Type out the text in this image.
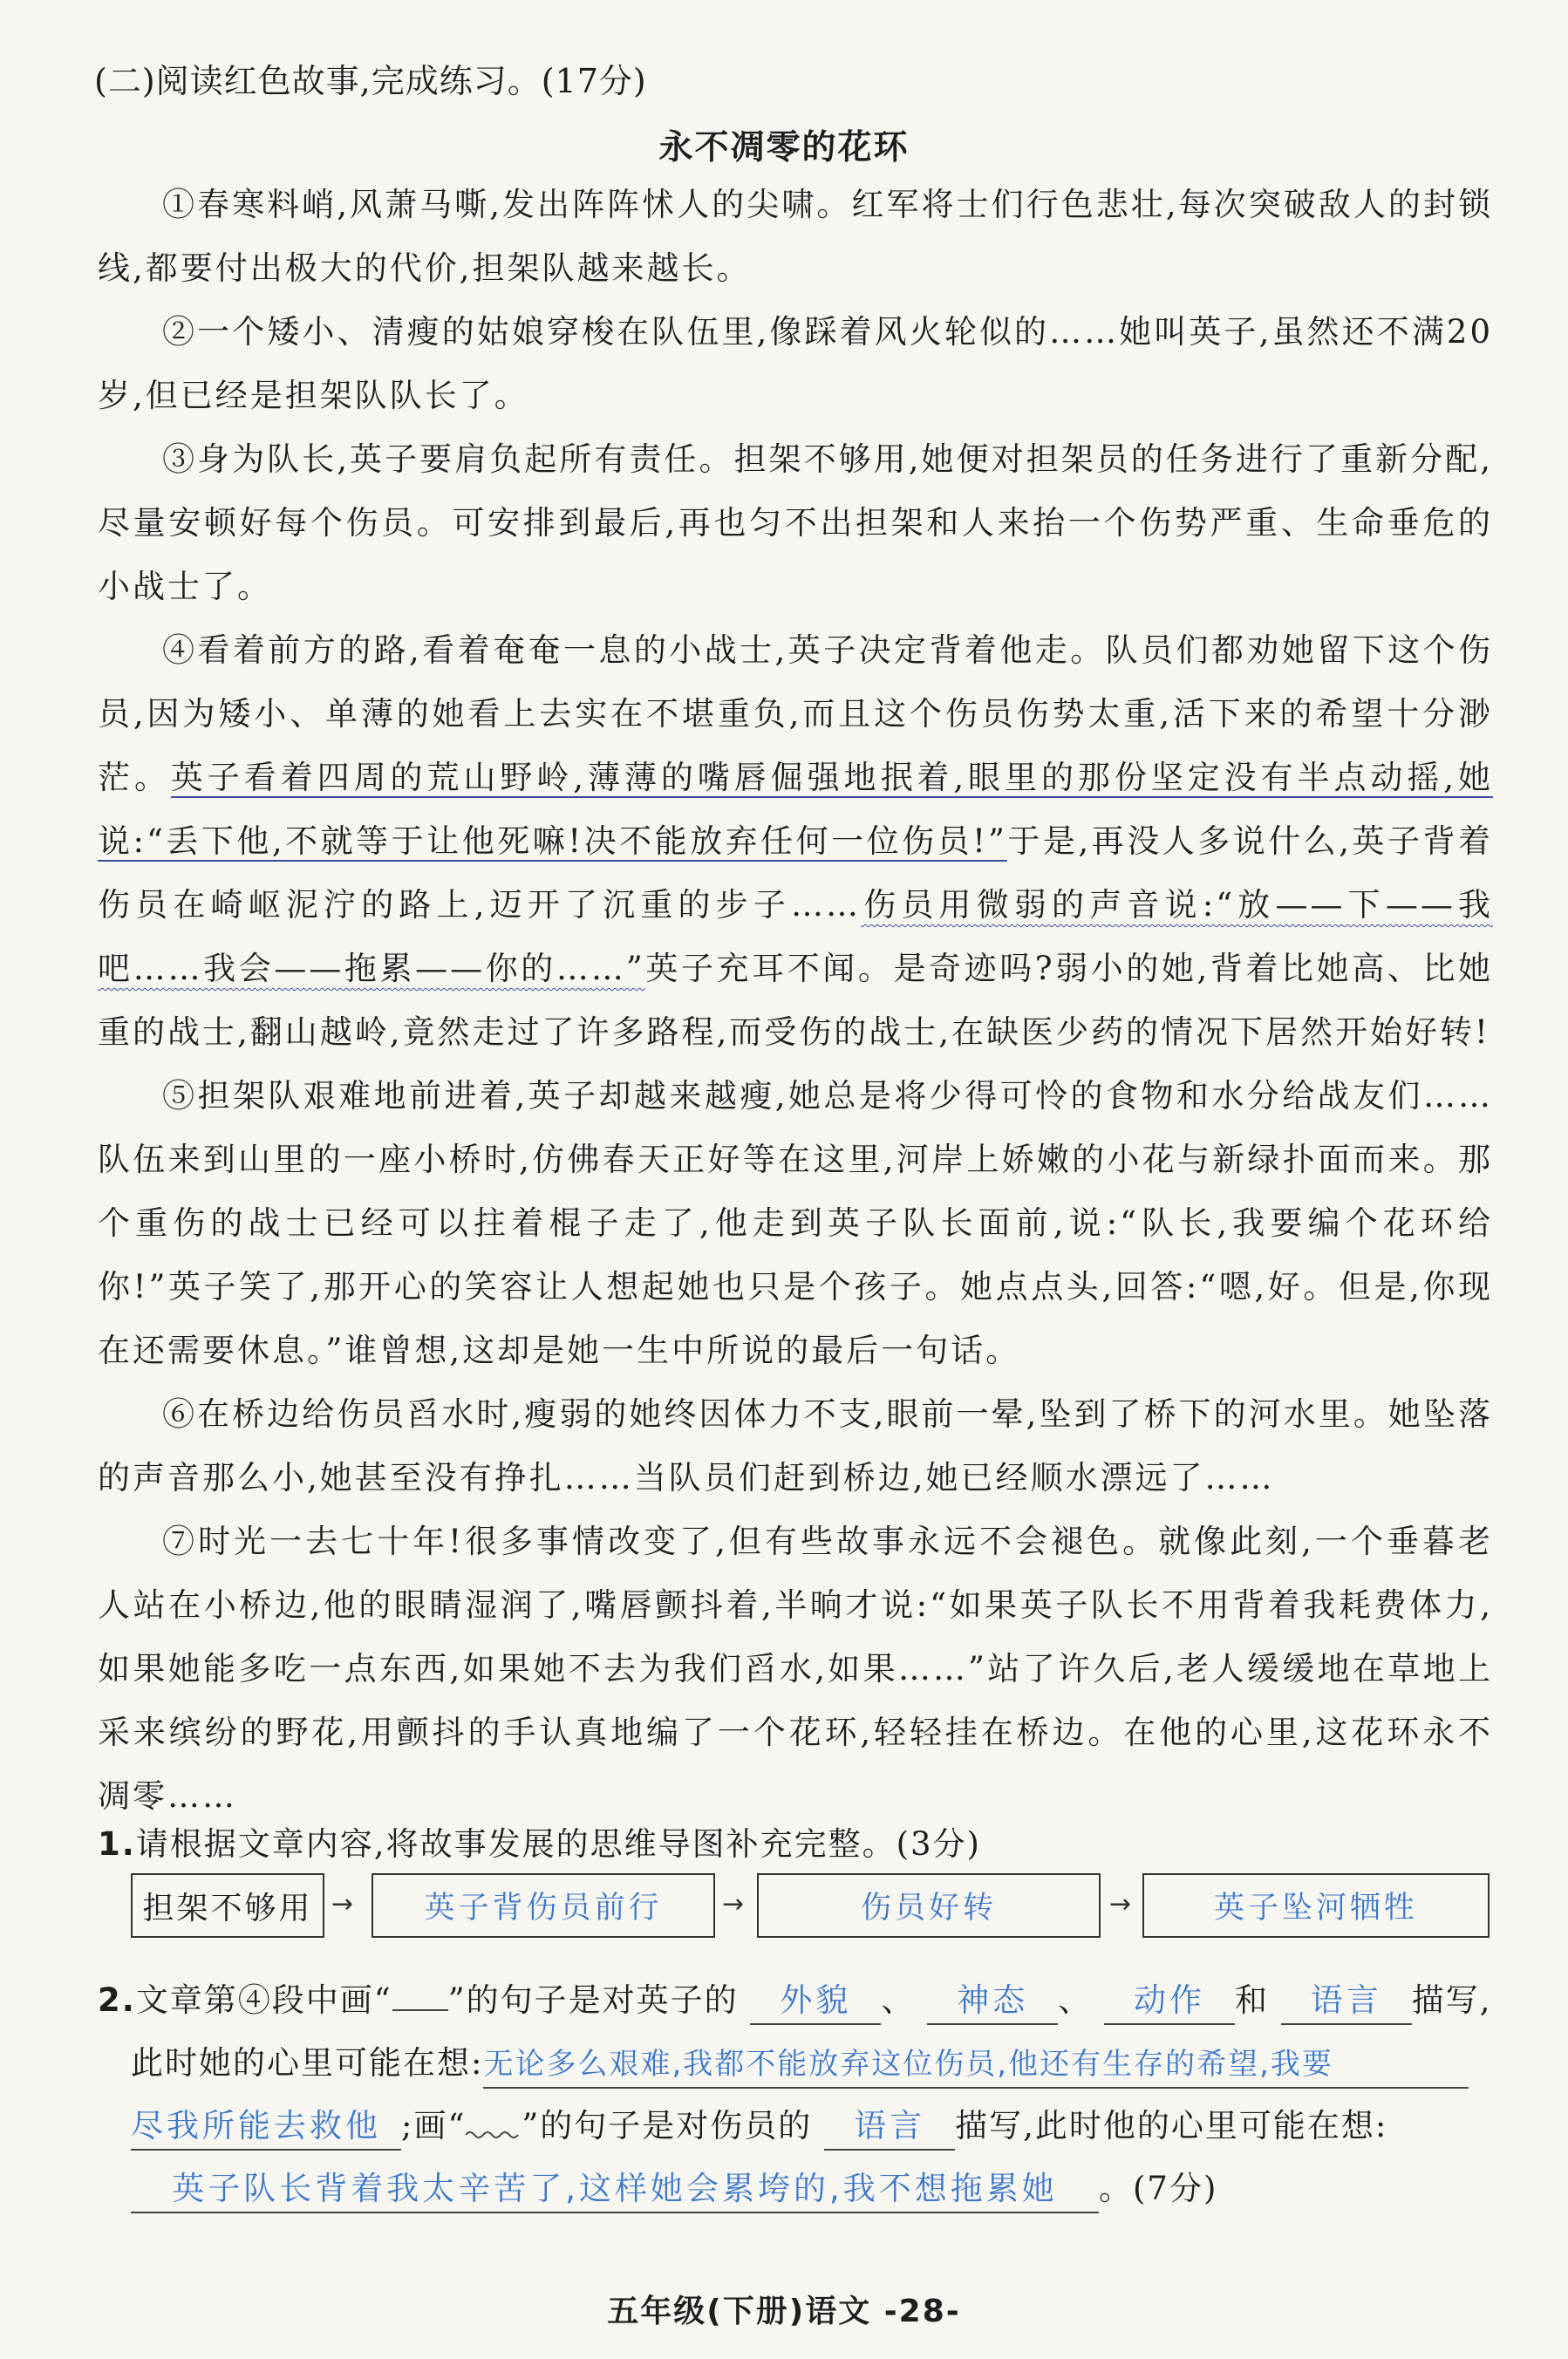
(二)阅读红色故事,完成练习。(17分)
永不凋零的花环

①春寒料峭,风萧马嘶,发出阵阵怵人的尖啸。红军将士们行色悲壮,每次突破敌人的封锁线,都要付出极大的代价,担架队越来越长。

②一个矮小、清瘦的姑娘穿梭在队伍里,像踩着风火轮似的……她叫英子,虽然还不满20岁,但已经是担架队队长了。

③身为队长,英子要肩负起所有责任。担架不够用,她便对担架员的任务进行了重新分配,尽量安顿好每个伤员。可安排到最后,再也匀不出担架和人来抬一个伤势严重、生命垂危的小战士了。

④看着前方的路,看着奄奄一息的小战士,英子决定背着他走。队员们都劝她留下这个伤员,因为矮小、单薄的她看上去实在不堪重负,而且这个伤员伤势太重,活下来的希望十分渺茫。英子看着四周的荒山野岭,薄薄的嘴唇倔强地抿着,眼里的那份坚定没有半点动摇,她说:“丢下他,不就等于让他死嘛!决不能放弃任何一位伤员!”于是,再没人多说什么,英子背着伤员在崎岖泥泞的路上,迈开了沉重的步子……伤员用微弱的声音说:“放——下——我吧……我会——拖累——你的……”英子充耳不闻。是奇迹吗?弱小的她,背着比她高、比她重的战士,翻山越岭,竟然走过了许多路程,而受伤的战士,在缺医少药的情况下居然开始好转!

⑤担架队艰难地前进着,英子却越来越瘦,她总是将少得可怜的食物和水分给战友们……队伍来到山里的一座小桥时,仿佛春天正好等在这里,河岸上娇嫩的小花与新绿扑面而来。那个重伤的战士已经可以拄着棍子走了,他走到英子队长面前,说:“队长,我要编个花环给你!”英子笑了,那开心的笑容让人想起她也只是个孩子。她点点头,回答:“嗯,好。但是,你现在还需要休息。”谁曾想,这却是她一生中所说的最后一句话。

⑥在桥边给伤员舀水时,瘦弱的她终因体力不支,眼前一晕,坠到了桥下的河水里。她坠落的声音那么小,她甚至没有挣扎……当队员们赶到桥边,她已经顺水漂远了……

⑦时光一去七十年!很多事情改变了,但有些故事永远不会褪色。就像此刻,一个垂暮老人站在小桥边,他的眼睛湿润了,嘴唇颤抖着,半晌才说:“如果英子队长不用背着我耗费体力,如果她能多吃一点东西,如果她不去为我们舀水,如果……”站了许久后,老人缓缓地在草地上采来缤纷的野花,用颤抖的手认真地编了一个花环,轻轻挂在桥边。在他的心里,这花环永不凋零……

1.请根据文章内容,将故事发展的思维导图补充完整。(3分)
担架不够用 →	英子背伤员前行	→	伤员好转	→	英子坠河牺牲
2.文章第④段中画“ ”的句子是对英子的 外貌 、 神态 、 动作 和 语言 描写,
此时她的心里可能在想:无论多么艰难,我都不能放弃这位伤员,他还有生存的希望,我要
尽我所能去救他 ;画“ ”的句子是对伤员的 语言 描写,此时他的心里可能在想:
英子队长背着我太辛苦了,这样她会累垮的,我不想拖累她 。(7分)
五年级(下册)语文 -28-
